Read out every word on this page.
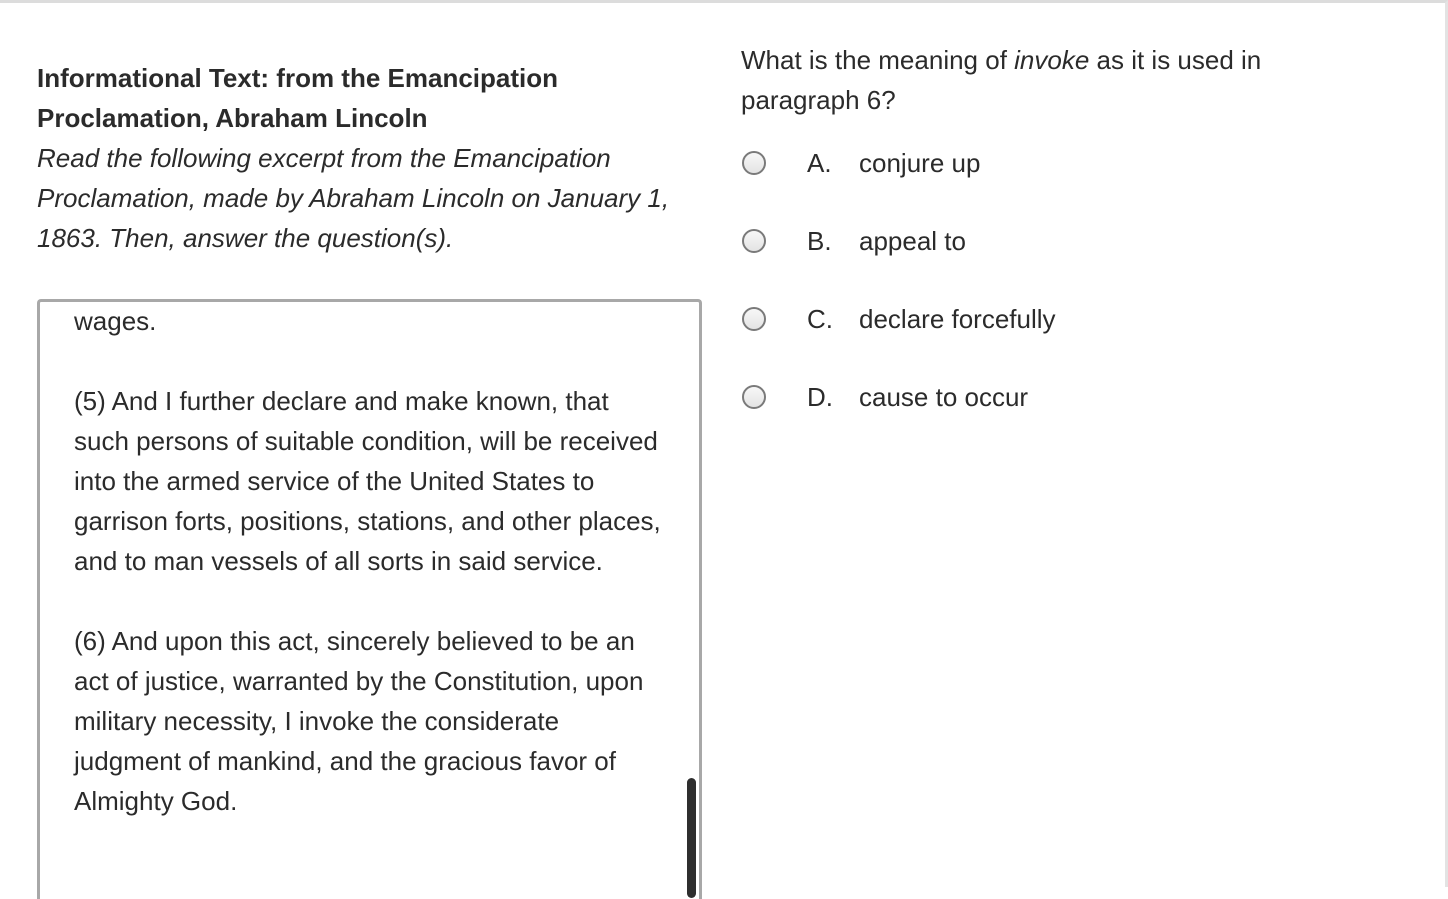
Informational Text: from the Emancipation Proclamation, Abraham Lincoln

Read the following excerpt from the Emancipation Proclamation, made by Abraham Lincoln on January 1, 1863. Then, answer the question(s).

wages.

(5) And I further declare and make known, that such persons of suitable condition, will be received into the armed service of the United States to garrison forts, positions, stations, and other places, and to man vessels of all sorts in said service.

(6) And upon this act, sincerely believed to be an act of justice, warranted by the Constitution, upon military necessity, I invoke the considerate judgment of mankind, and the gracious favor of Almighty God.

What is the meaning of invoke as it is used in paragraph 6?

A. conjure up
B. appeal to
C. declare forcefully
D. cause to occur
